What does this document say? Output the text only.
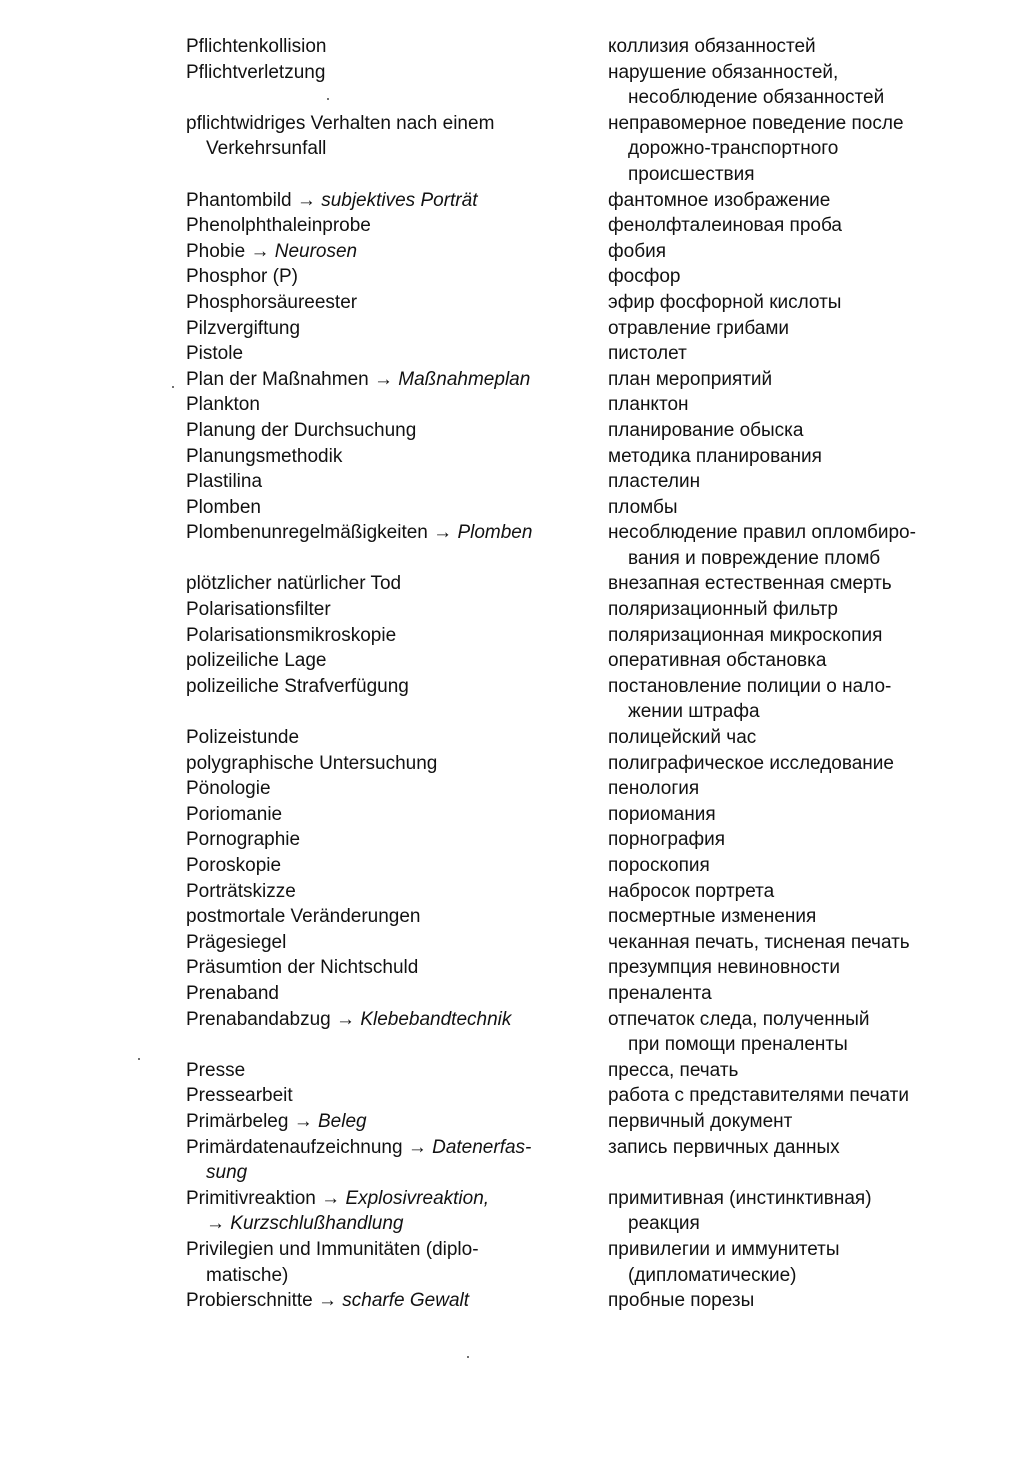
Pflichtenkollision
Pflichtverletzung
pflichtwidriges Verhalten nach einem
Verkehrsunfall
Phantombild → subjektives Porträt
Phenolphthaleinprobe
Phobie → Neurosen
Phosphor (P)
Phosphorsäureester
Pilzvergiftung
Pistole
Plan der Maßnahmen → Maßnahmeplan
Plankton
Planung der Durchsuchung
Planungsmethodik
Plastilina
Plomben
Plombenunregelmäßigkeiten → Plomben
plötzlicher natürlicher Tod
Polarisationsfilter
Polarisationsmikroskopie
polizeiliche Lage
polizeiliche Strafverfügung
Polizeistunde
polygraphische Untersuchung
Pönologie
Poriomanie
Pornographie
Poroskopie
Porträtskizze
postmortale Veränderungen
Prägesiegel
Präsumtion der Nichtschuld
Prenaband
Prenabandabzug → Klebebandtechnik
Presse
Pressearbeit
Primärbeleg → Beleg
Primärdatenaufzeichnung → Datenerfas-
sung
Primitivreaktion → Explosivreaktion,
→ Kurzschlußhandlung
Privilegien und Immunitäten (diplo-
matische)
Probierschnitte → scharfe Gewalt
коллизия обязанностей
нарушение обязанностей,
несоблюдение обязанностей
неправомерное поведение после
дорожно-транспортного
происшествия
фантомное изображение
фенолфталеиновая проба
фобия
фосфор
эфир фосфорной кислоты
отравление грибами
пистолет
план мероприятий
планктон
планирование обыска
методика планирования
пластелин
пломбы
несоблюдение правил опломбиро-
вания и повреждение пломб
внезапная естественная смерть
поляризационный фильтр
поляризационная микроскопия
оперативная обстановка
постановление полиции о нало-
жении штрафа
полицейский час
полиграфическое исследование
пенология
пориомания
порнография
пороскопия
набросок портрета
посмертные изменения
чеканная печать, тисненая печать
презумпция невиновности
преналента
отпечаток следа, полученный
при помощи преналенты
пресса, печать
работа с представителями печати
первичный документ
запись первичных данных
примитивная (инстинктивная)
реакция
привилегии и иммунитеты
(дипломатические)
пробные порезы
